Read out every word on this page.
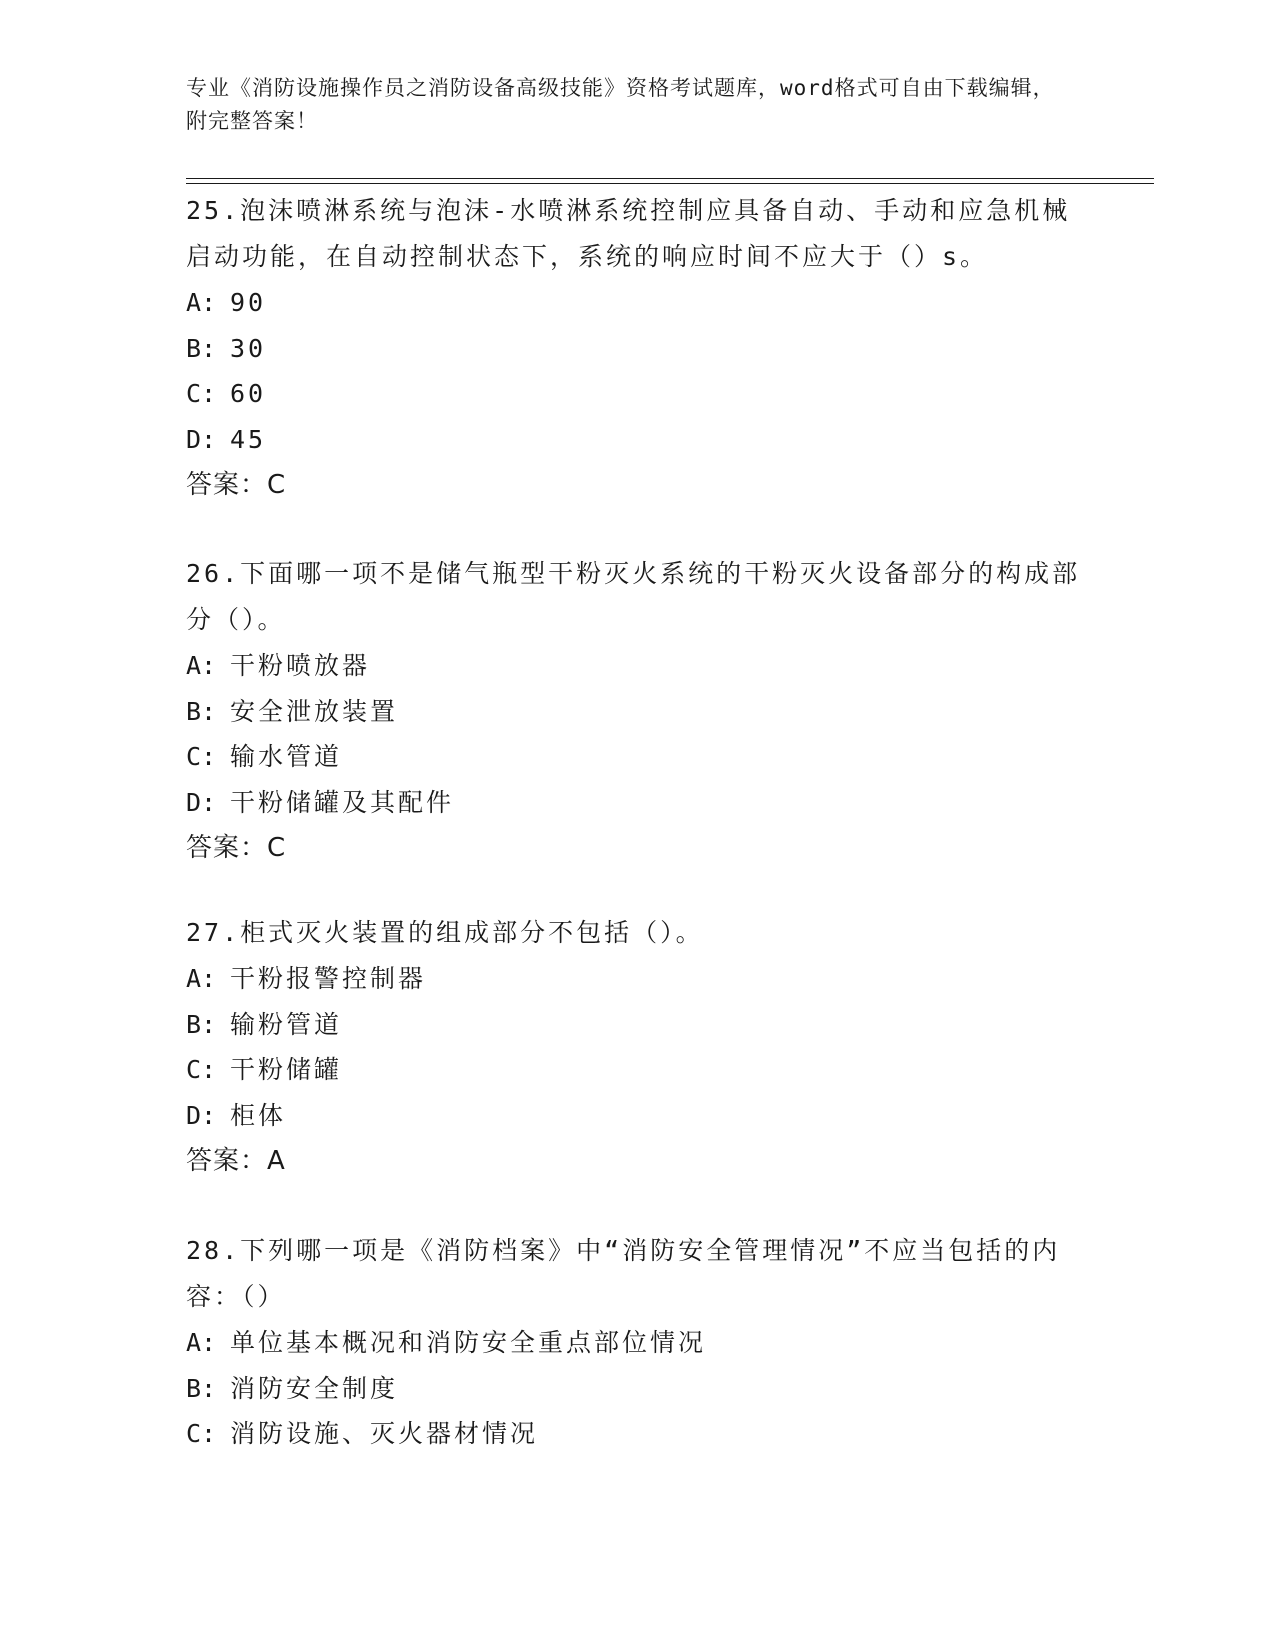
专业《消防设施操作员之消防设备高级技能》资格考试题库，word格式可自由下载编辑，附完整答案！
25.泡沫喷淋系统与泡沫-水喷淋系统控制应具备自动、手动和应急机械启动功能，在自动控制状态下，系统的响应时间不应大于（）s。
A: 90
B: 30
C: 60
D: 45
答案：C
26.下面哪一项不是储气瓶型干粉灭火系统的干粉灭火设备部分的构成部分（）。
A: 干粉喷放器
B: 安全泄放装置
C: 输水管道
D: 干粉储罐及其配件
答案：C
27.柜式灭火装置的组成部分不包括（）。
A: 干粉报警控制器
B: 输粉管道
C: 干粉储罐
D: 柜体
答案：A
28.下列哪一项是《消防档案》中“消防安全管理情况”不应当包括的内容：（）
A: 单位基本概况和消防安全重点部位情况
B: 消防安全制度
C: 消防设施、灭火器材情况
